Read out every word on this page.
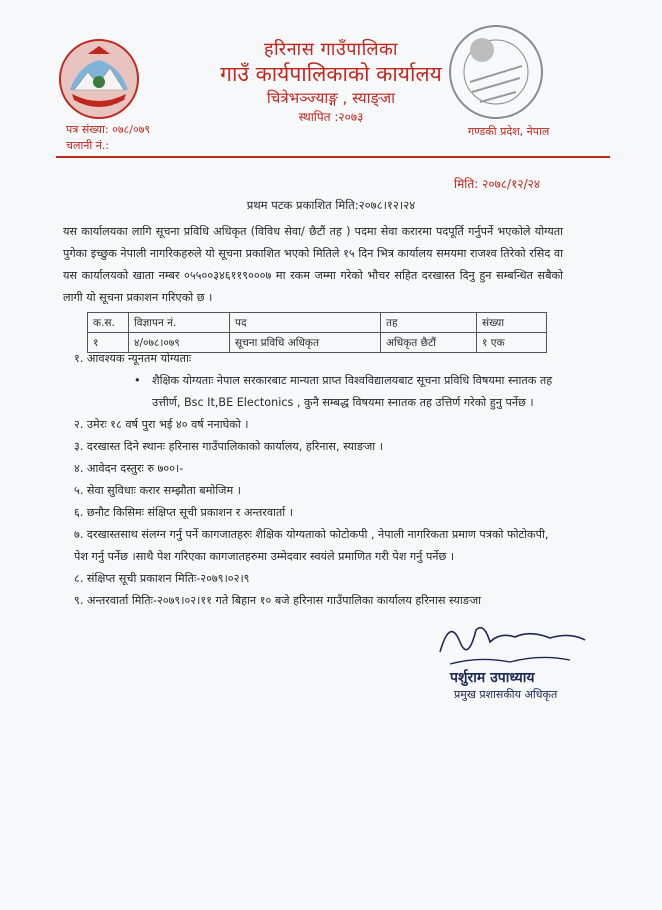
हरिनास गाउँपालिका
गाउँ कार्यपालिकाको कार्यालय
चित्रेभञ्ज्याङ्ग , स्याङ्जा
स्थापित :२०७३
पत्र संख्या: ०७८/०७९
चलानी नं.:
गण्डकी प्रदेश, नेपाल
मिति: २०७८/१२/२४
प्रथम पटक प्रकाशित मिति:२०७८।१२।२४
यस कार्यालयका लागि सूचना प्रविधि अधिकृत (विविध सेवा/ छैटौं तह ) पदमा सेवा करारमा पदपूर्ति गर्नुपर्ने भएकोले योग्यता पुगेका इच्छुक नेपाली नागरिकहरुले यो सूचना प्रकाशित भएको मितिले १५ दिन भित्र कार्यालय समयमा राजश्व तिरेको रसिद वा यस कार्यालयको खाता नम्बर ०५५००३४६११९०००७ मा रकम जम्मा गरेको भौचर सहित दरखास्त दिनु हुन सम्बन्धित सबैको लागी यो सूचना प्रकाशन गरिएको छ ।
क.स.	विज्ञापन नं.	पद	तह	संख्या
१	४/०७८।०७९	सूचना प्रविधि अधिकृत	अधिकृत छैटौं	१ एक
१. आवश्यक न्यूनतम योग्यताः
•	शैक्षिक योग्यताः नेपाल सरकारबाट मान्यता प्राप्त विश्वविद्यालयबाट सूचना प्रविधि विषयमा स्नातक तह उत्तीर्ण, Bsc It,BE Electonics , कुनै सम्बद्ध विषयमा स्नातक तह उत्तिर्ण गरेको हुनु पर्नेछ ।
२. उमेरः १८ वर्ष पुरा भई ४० वर्ष ननाघेको ।
३. दरखास्त दिने स्थानः हरिनास गाउँपालिकाको कार्यालय, हरिनास, स्याङजा ।
४. आवेदन दस्तुरः रु ७००।-
५. सेवा सुविधाः करार सम्झौता बमोजिम ।
६. छनौट किसिमः संक्षिप्त सूची प्रकाशन र अन्तरवार्ता ।
७. दरखास्तसाथ संलग्न गर्नु पर्ने कागजातहरुः शैक्षिक योग्यताको फोटोकपी , नेपाली नागरिकता प्रमाण पत्रको फोटोकपी, पेश गर्नु पर्नेछ ।साथै पेश गरिएका कागजातहरुमा उम्मेदवार स्वयंले प्रमाणित गरी पेश गर्नु पर्नेछ ।
८. संक्षिप्त सूची प्रकाशन मितिः-२०७९।०२।९
९. अन्तरवार्ता मितिः-२०७९।०२।११ गते बिहान १० बजे हरिनास गाउँपालिका कार्यालय हरिनास स्याङजा
पर्शुराम उपाध्याय
प्रमुख प्रशासकीय अधिकृत
